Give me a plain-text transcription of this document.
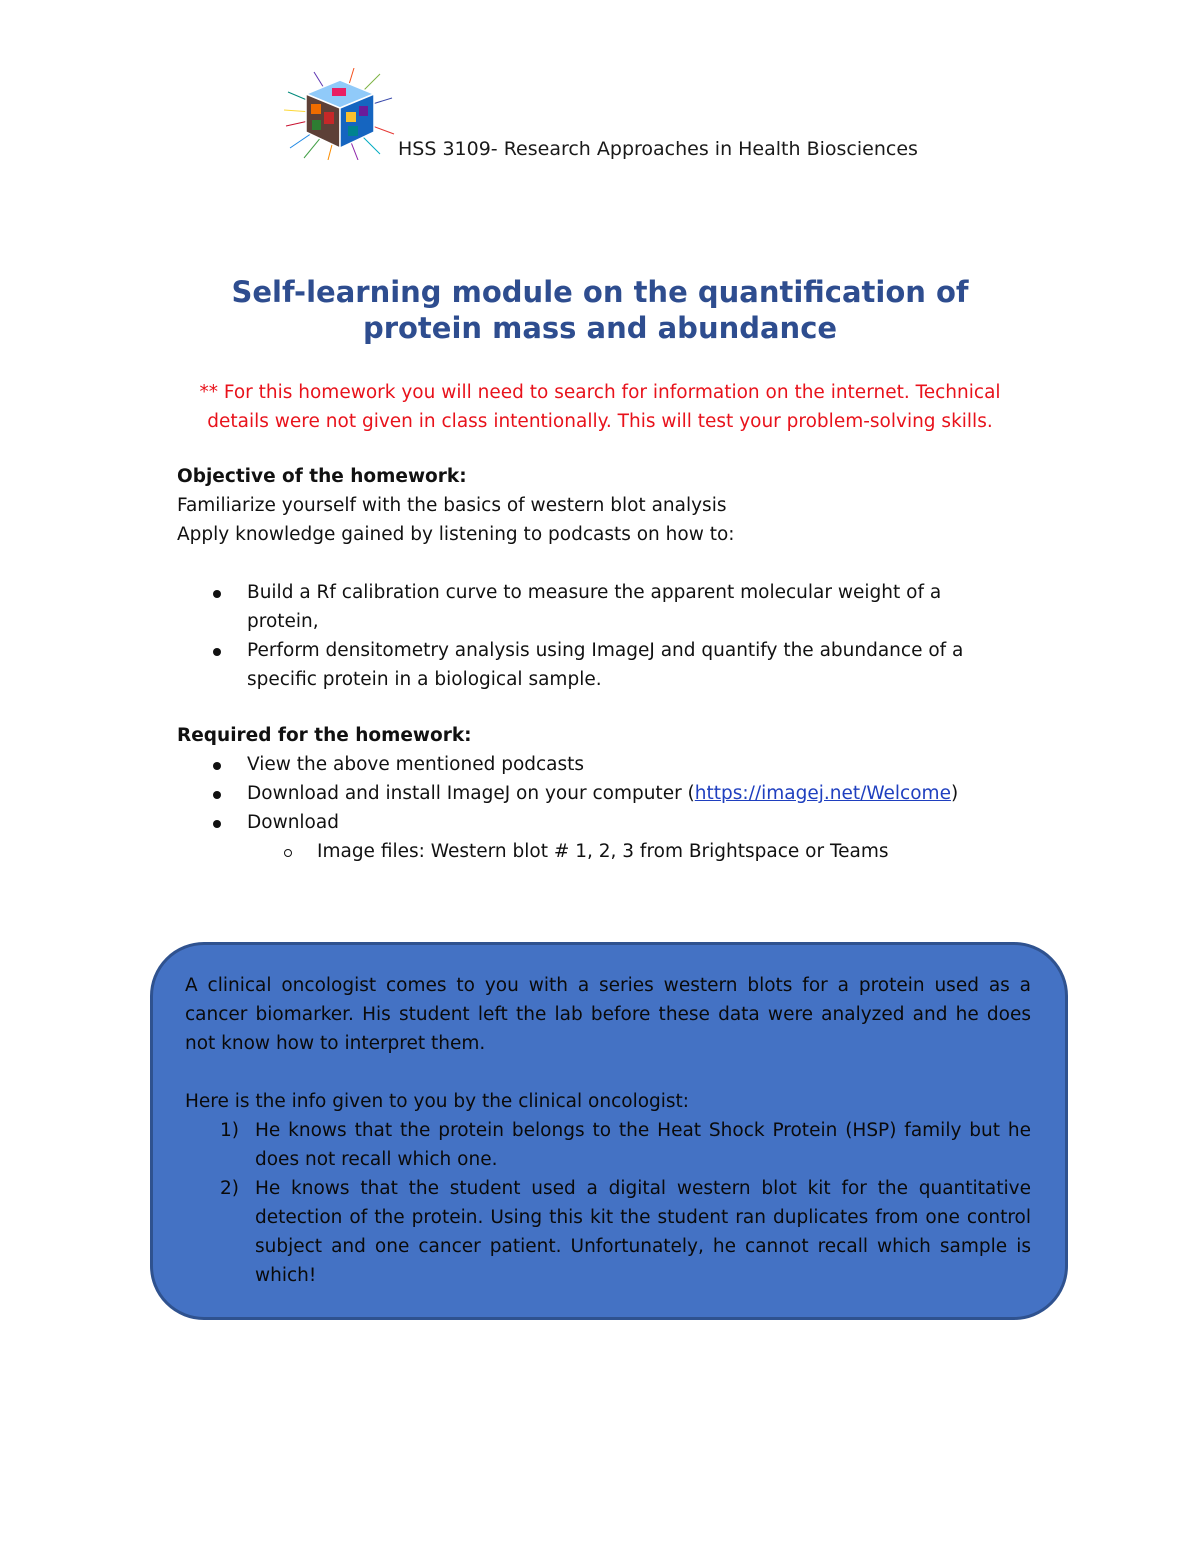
HSS 3109- Research Approaches in Health Biosciences
Self-learning module on the quantification of
protein mass and abundance
** For this homework you will need to search for information on the internet. Technical
details were not given in class intentionally. This will test your problem-solving skills.

Objective of the homework:

Familiarize yourself with the basics of western blot analysis

Apply knowledge gained by listening to podcasts on how to:

Build a Rf calibration curve to measure the apparent molecular weight of a
protein,
Perform densitometry analysis using ImageJ and quantify the abundance of a
specific protein in a biological sample.

Required for the homework:

View the above mentioned podcasts
Download and install ImageJ on your computer (https://imagej.net/Welcome)
Download
Image files: Western blot # 1, 2, 3 from Brightspace or Teams

A clinical oncologist comes to you with a series western blots for a protein used as a cancer biomarker. His student left the lab before these data were analyzed and he does not know how to interpret them.

Here is the info given to you by the clinical oncologist:

1) He knows that the protein belongs to the Heat Shock Protein (HSP) family but he does not recall which one.
2) He knows that the student used a digital western blot kit for the quantitative detection of the protein. Using this kit the student ran duplicates from one control subject and one cancer patient. Unfortunately, he cannot recall which sample is which!
